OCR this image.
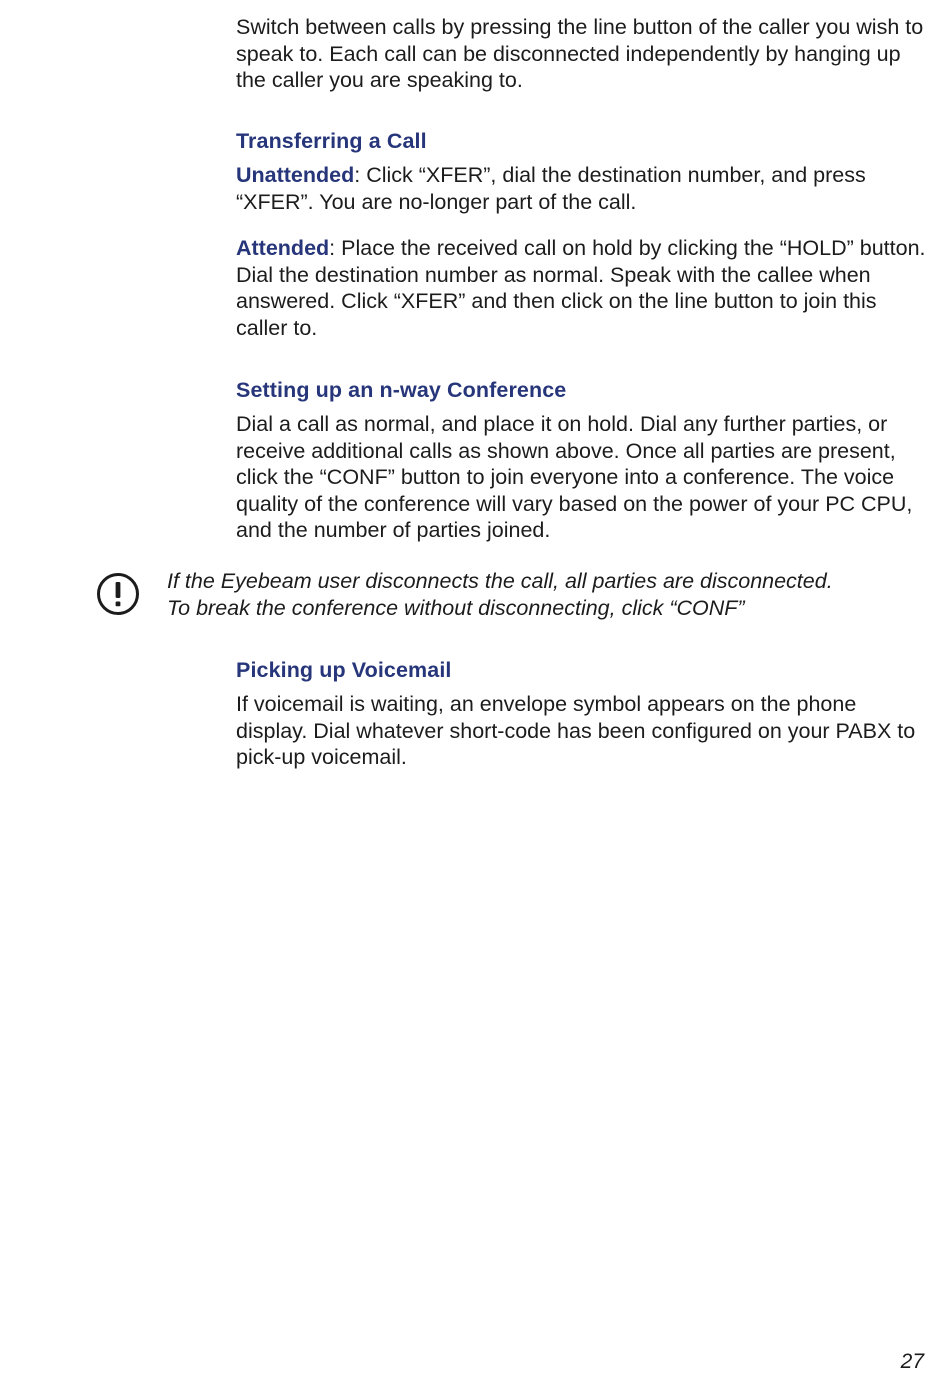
Switch between calls by pressing the line button of the caller you wish to speak to. Each call can be disconnected independently by hanging up the caller you are speaking to.

Transferring a Call

Unattended: Click “XFER”, dial the destination number, and press “XFER”. You are no-longer part of the call.

Attended: Place the received call on hold by clicking the “HOLD” button. Dial the destination number as normal. Speak with the callee when answered. Click “XFER” and then click on the line button to join this caller to.

Setting up an n-way Conference

Dial a call as normal, and place it on hold. Dial any further parties, or receive additional calls as shown above. Once all parties are present, click the “CONF” button to join everyone into a conference. The voice quality of the conference will vary based on the power of your PC CPU, and the number of parties joined.

If the Eyebeam user disconnects the call, all parties are disconnected.
To break the conference without disconnecting, click “CONF”

Picking up Voicemail

If voicemail is waiting, an envelope symbol appears on the phone display. Dial whatever short-code has been configured on your PABX to pick-up voicemail.

27
